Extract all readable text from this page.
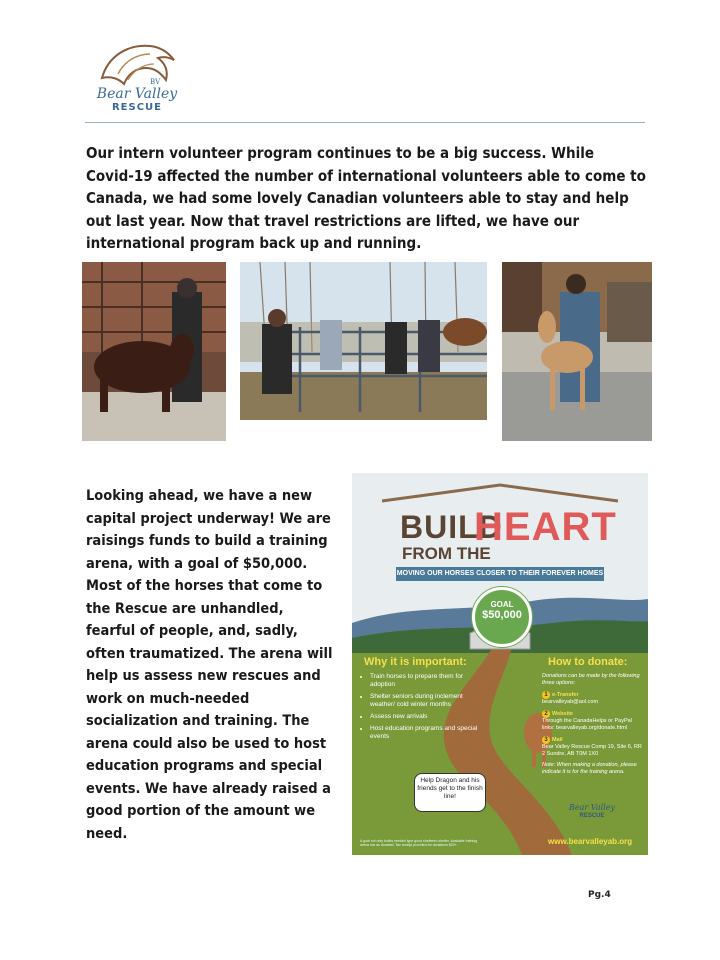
BV
Bear Valley
RESCUE
Our intern volunteer program continues to be a big success. While Covid-19 affected the number of international volunteers able to come to Canada, we had some lovely Canadian volunteers able to stay and help out last year. Now that travel restrictions are lifted, we have our international program back up and running.
Looking ahead, we have a new capital project underway! We are raisings funds to build a training arena, with a goal of $50,000. Most of the horses that come to the Rescue are unhandled, fearful of people, and, sadly, often traumatized. The arena will help us assess new rescues and work on much-needed socialization and training. The arena could also be used to host education programs and special events. We have already raised a good portion of the amount we need.
BUILD
FROM THE
HEART
MOVING OUR HORSES CLOSER TO THEIR FOREVER HOMES
GOAL
$50,000
Why it is important:	How to donate:
• Train horses to prepare them for adoption
• Shelter seniors during inclement weather/ cold winter months
• Assess new arrivals
• Host education programs and special events
Donations can be made by the following three options:
1 e-Transfer
bearvalleyab@aol.com
2 Website
Through the CanadaHelps or PayPal links: bearvalleyab.org/donate.html
3 Mail
Bear Valley Rescue Comp 19, Site 6, RR 2 Sundre, AB T0M 1X0
Note: When making a donation, please indicate it is for the training arena.
Help Dragon and his friends get to the finish line!
Bear Valley
RESCUE
www.bearvalleyab.org
A goal not only builds needed type good sheltered shelter. Available training arena low as donated. Tax receipt provided for donations $20+.
Pg.4
